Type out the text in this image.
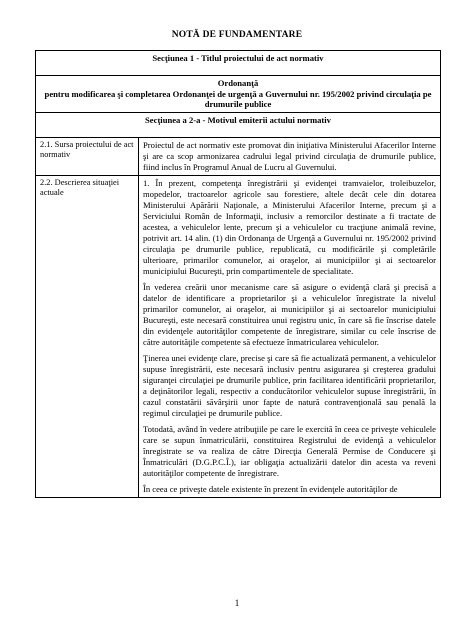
NOTĂ DE FUNDAMENTARE
Secţiunea 1 - Titlul proiectului de act normativ	

Ordonanţă
pentru modificarea şi completarea Ordonanţei de urgenţă a Guvernului nr. 195/2002 privind circulaţia pe drumurile publice	

Secţiunea a 2-a - Motivul emiterii actului normativ	
2.1. Sursa proiectului de act normativ	Proiectul de act normativ este promovat din iniţiativa Ministerului Afacerilor Interne şi are ca scop armonizarea cadrului legal privind circulaţia de drumurile publice, fiind inclus în Programul Anual de Lucru al Guvernului.

2.2. Descrierea situaţiei actuale	1. În prezent, competenţa înregistrării şi evidenţei tramvaielor, troleibuzelor, mopedelor, tractoarelor agricole sau forestiere, altele decât cele din dotarea Ministerului Apărării Naţionale, a Ministerului Afacerilor Interne, precum şi a Serviciului Român de Informaţii, inclusiv a remorcilor destinate a fi tractate de acestea, a vehiculelor lente, precum şi a vehiculelor cu tracţiune animală revine, potrivit art. 14 alin. (1) din Ordonanţa de Urgenţă a Guvernului nr. 195/2002 privind circulaţia pe drumurile publice, republicată, cu modificările şi completările ulterioare, primarilor comunelor, ai oraşelor, ai municipiilor şi ai sectoarelor municipiului Bucureşti, prin compartimentele de specialitate.

În vederea creării unor mecanisme care să asigure o evidenţă clară şi precisă a datelor de identificare a proprietarilor şi a vehiculelor înregistrate la nivelul primarilor comunelor, ai oraşelor, ai municipiilor şi ai sectoarelor municipiului Bucureşti, este necesară constituirea unui registru unic, în care să fie înscrise datele din evidenţele autorităţilor competente de înregistrare, similar cu cele înscrise de către autorităţile competente să efectueze înmatricularea vehiculelor.

Ţinerea unei evidenţe clare, precise şi care să fie actualizată permanent, a vehiculelor supuse înregistrării, este necesară inclusiv pentru asigurarea şi creşterea gradului siguranţei circulaţiei pe drumurile publice, prin facilitarea identificării proprietarilor, a deţinătorilor legali, respectiv a conducătorilor vehiculelor supuse înregistrării, în cazul constatării săvârşirii unor fapte de natură contravenţională sau penală la regimul circulaţiei pe drumurile publice.

Totodată, având în vedere atribuţiile pe care le exercită în ceea ce priveşte vehiculele care se supun înmatriculării, constituirea Registrului de evidenţă a vehiculelor înregistrate se va realiza de către Direcţia Generală Permise de Conducere şi Înmatriculări (D.G.P.C.Î.), iar obligaţia actualizării datelor din acesta va reveni autorităţilor competente de înregistrare.

În ceea ce priveşte datele existente în prezent în evidenţele autorităţilor de

1
